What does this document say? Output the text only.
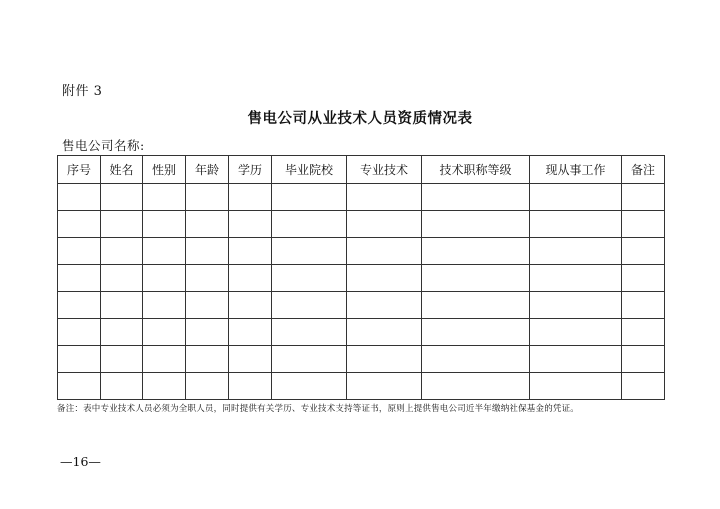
附件 3
售电公司从业技术人员资质情况表
售电公司名称:
序号	姓名	性别	年龄	学历	毕业院校	专业技术	技术职称等级	现从事工作	备注

备注：表中专业技术人员必须为全职人员，同时提供有关学历、专业技术支持等证书，原则上提供售电公司近半年缴纳社保基金的凭证。
—16—
